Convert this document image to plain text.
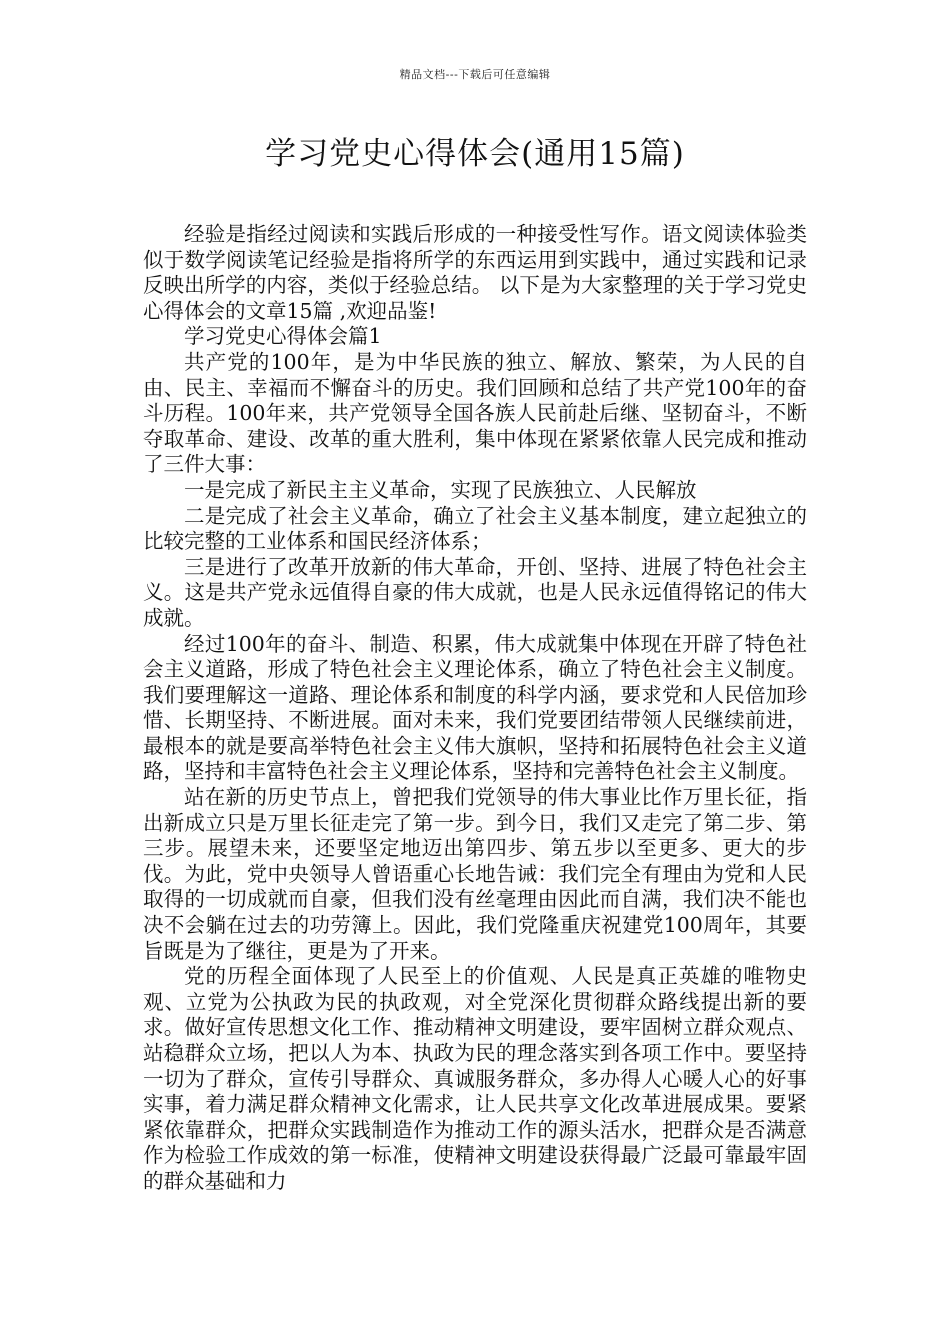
精品文档---下载后可任意编辑
学习党史心得体会(通用15篇)

经验是指经过阅读和实践后形成的一种接受性写作。语文阅读体验类似于数学阅读笔记经验是指将所学的东西运用到实践中，通过实践和记录反映出所学的内容，类似于经验总结。 以下是为大家整理的关于学习党史心得体会的文章15篇 ,欢迎品鉴!

学习党史心得体会篇1

共产党的100年，是为中华民族的独立、解放、繁荣，为人民的自由、民主、幸福而不懈奋斗的历史。我们回顾和总结了共产党100年的奋斗历程。100年来，共产党领导全国各族人民前赴后继、坚韧奋斗，不断夺取革命、建设、改革的重大胜利，集中体现在紧紧依靠人民完成和推动了三件大事：

一是完成了新民主主义革命，实现了民族独立、人民解放

二是完成了社会主义革命，确立了社会主义基本制度，建立起独立的比较完整的工业体系和国民经济体系；

三是进行了改革开放新的伟大革命，开创、坚持、进展了特色社会主义。这是共产党永远值得自豪的伟大成就，也是人民永远值得铭记的伟大成就。

经过100年的奋斗、制造、积累，伟大成就集中体现在开辟了特色社会主义道路，形成了特色社会主义理论体系，确立了特色社会主义制度。我们要理解这一道路、理论体系和制度的科学内涵，要求党和人民倍加珍惜、长期坚持、不断进展。面对未来，我们党要团结带领人民继续前进，最根本的就是要高举特色社会主义伟大旗帜，坚持和拓展特色社会主义道路，坚持和丰富特色社会主义理论体系，坚持和完善特色社会主义制度。

站在新的历史节点上，曾把我们党领导的伟大事业比作万里长征，指出新成立只是万里长征走完了第一步。到今日，我们又走完了第二步、第三步。展望未来，还要坚定地迈出第四步、第五步以至更多、更大的步伐。为此，党中央领导人曾语重心长地告诫：我们完全有理由为党和人民取得的一切成就而自豪，但我们没有丝毫理由因此而自满，我们决不能也决不会躺在过去的功劳簿上。因此，我们党隆重庆祝建党100周年，其要旨既是为了继往，更是为了开来。

党的历程全面体现了人民至上的价值观、人民是真正英雄的唯物史观、立党为公执政为民的执政观，对全党深化贯彻群众路线提出新的要求。做好宣传思想文化工作、推动精神文明建设，要牢固树立群众观点、站稳群众立场，把以人为本、执政为民的理念落实到各项工作中。要坚持一切为了群众，宣传引导群众、真诚服务群众，多办得人心暖人心的好事实事，着力满足群众精神文化需求，让人民共享文化改革进展成果。要紧紧依靠群众，把群众实践制造作为推动工作的源头活水，把群众是否满意作为检验工作成效的第一标准，使精神文明建设获得最广泛最可靠最牢固的群众基础和力
